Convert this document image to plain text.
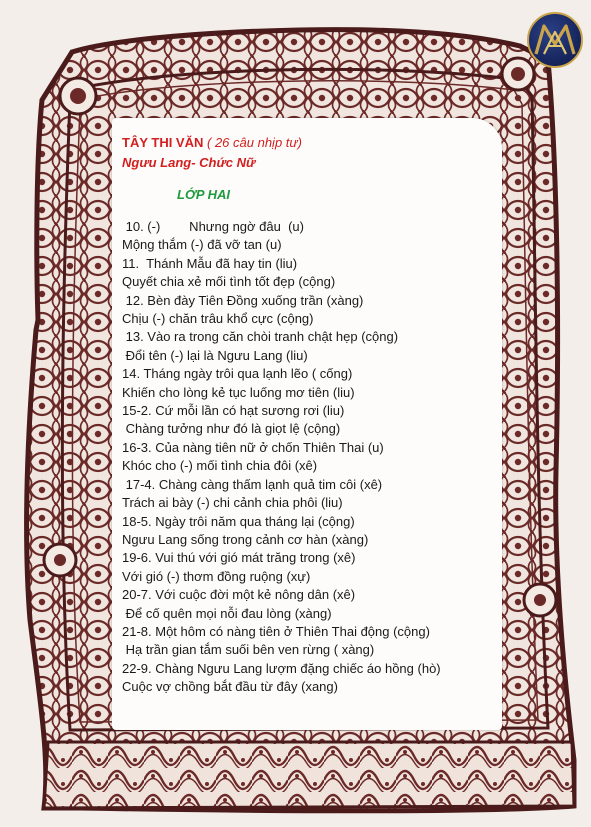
TÂY THI VĂN ( 26 câu nhịp tư)

Ngưu Lang- Chức Nữ

LỚP HAI

10. (-)        Nhưng ngờ đâu  (u)

Mộng thắm (-) đã vỡ tan (u)

11.  Thánh Mẫu đã hay tin (liu)

Quyết chia xẻ mối tình tốt đẹp (cộng)

12. Bèn đày Tiên Đồng xuống trần (xàng)

Chịu (-) chăn trâu khổ cực (cộng)

13. Vào ra trong căn chòi tranh chật hẹp (cộng)

Đổi tên (-) lại là Ngưu Lang (liu)

14. Tháng ngày trôi qua lạnh lẽo ( cống)

Khiến cho lòng kẻ tục luống mơ tiên (liu)

15-2. Cứ mỗi lần có hạt sương rơi (liu)

Chàng tưởng như đó là giọt lệ (cộng)

16-3. Của nàng tiên nữ ở chốn Thiên Thai (u)

Khóc cho (-) mối tình chia đôi (xê)

17-4. Chàng càng thấm lạnh quả tim côi (xê)

Trách ai bày (-) chi cảnh chia phôi (liu)

18-5. Ngày trôi năm qua tháng lại (cộng)

Ngưu Lang sống trong cảnh cơ hàn (xàng)

19-6. Vui thú với gió mát trăng trong (xê)

Với gió (-) thơm đồng ruộng (xự)

20-7. Với cuộc đời một kẻ nông dân (xê)

Để cố quên mọi nỗi đau lòng (xàng)

21-8. Một hôm có nàng tiên ở Thiên Thai động (cộng)

Hạ trần gian tắm suối bên ven rừng ( xàng)

22-9. Chàng Ngưu Lang lượm đặng chiếc áo hồng (hò)

Cuộc vợ chồng bắt đầu từ đây (xang)
